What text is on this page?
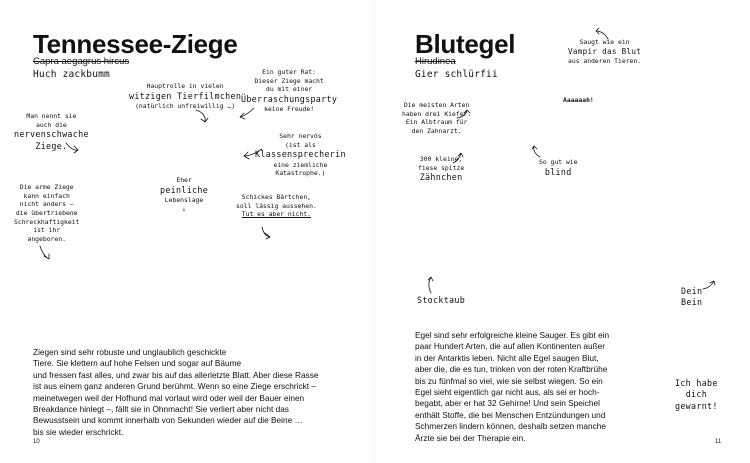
Tennessee-Ziege
Capra aegagrus hircus
Huch zackbumm
Hauptrolle in vielen
witzigen Tierfilmchen
(natürlich unfreiwillig …)
Ein guter Rat:
Dieser Ziege macht
du mit einer
Überraschungsparty
keine Freude!
Man nennt sie
auch die
nervenschwache
Ziege.
Sehr nervös
(ist als
Klassensprecherin
eine ziemliche
Katastrophe.)
Die arme Ziege
kann einfach
nicht anders –
die übertriebene
Schreckhaftigkeit
ist ihr
angeboren.
Eher
peinliche
Lebenslage
↓
Schickes Bärtchen,
soll lässig aussehen.
Tut es aber nicht.
Ziegen sind sehr robuste und unglaublich geschickte
Tiere. Sie klettern auf hohe Felsen und sogar auf Bäume
und fressen fast alles, und zwar bis auf das allerletzte Blatt. Aber diese Rasse
ist aus einem ganz anderen Grund berühmt. Wenn so eine Ziege erschrickt –
meinetwegen weil der Hofhund mal vorlaut wird oder weil der Bauer einen
Breakdance hinlegt –, fällt sie in Ohnmacht! Sie verliert aber nicht das
Bewusstsein und kommt innerhalb von Sekunden wieder auf die Beine …
bis sie wieder erschrickt.
10
Blutegel
Hirudinea
Gier schlürfii
Saugt wie ein
Vampir das Blut
aus anderen Tieren.
Die meisten Arten
haben drei Kiefer.
Ein Albtraum für
den Zahnarzt.
Aaaaaah!
300 kleine,
fiese spitze
Zähnchen
So gut wie
blind
Stocktaub
Dein
Bein
Ich habe
dich
gewarnt!
Egel sind sehr erfolgreiche kleine Sauger. Es gibt ein
paar Hundert Arten, die auf allen Kontinenten außer
in der Antarktis leben. Nicht alle Egel saugen Blut,
aber die, die es tun, trinken von der roten Kraftbrühe
bis zu fünfmal so viel, wie sie selbst wiegen. So ein
Egel sieht eigentlich gar nicht aus, als sei er hoch-
begabt, aber er hat 32 Gehirne! Und sein Speichel
enthält Stoffe, die bei Menschen Entzündungen und
Schmerzen lindern können, deshalb setzen manche
Ärzte sie bei der Therapie ein.	11
